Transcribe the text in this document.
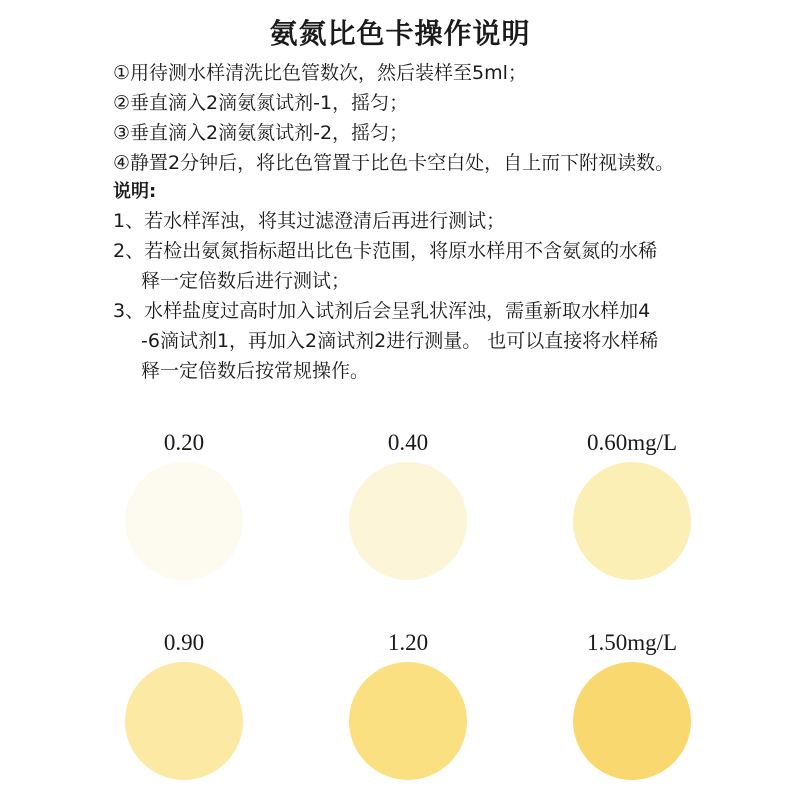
氨氮比色卡操作说明
①用待测水样清洗比色管数次，然后装样至5ml；
②垂直滴入2滴氨氮试剂-1，摇匀；
③垂直滴入2滴氨氮试剂-2，摇匀；
④静置2分钟后，将比色管置于比色卡空白处，自上而下附视读数。
说明:
1、若水样浑浊，将其过滤澄清后再进行测试；
2、若检出氨氮指标超出比色卡范围，将原水样用不含氨氮的水稀
释一定倍数后进行测试；
3、水样盐度过高时加入试剂后会呈乳状浑浊，需重新取水样加4
-6滴试剂1，再加入2滴试剂2进行测量。 也可以直接将水样稀
释一定倍数后按常规操作。
0.20	0.40	0.60mg/L
0.90	1.20	1.50mg/L
